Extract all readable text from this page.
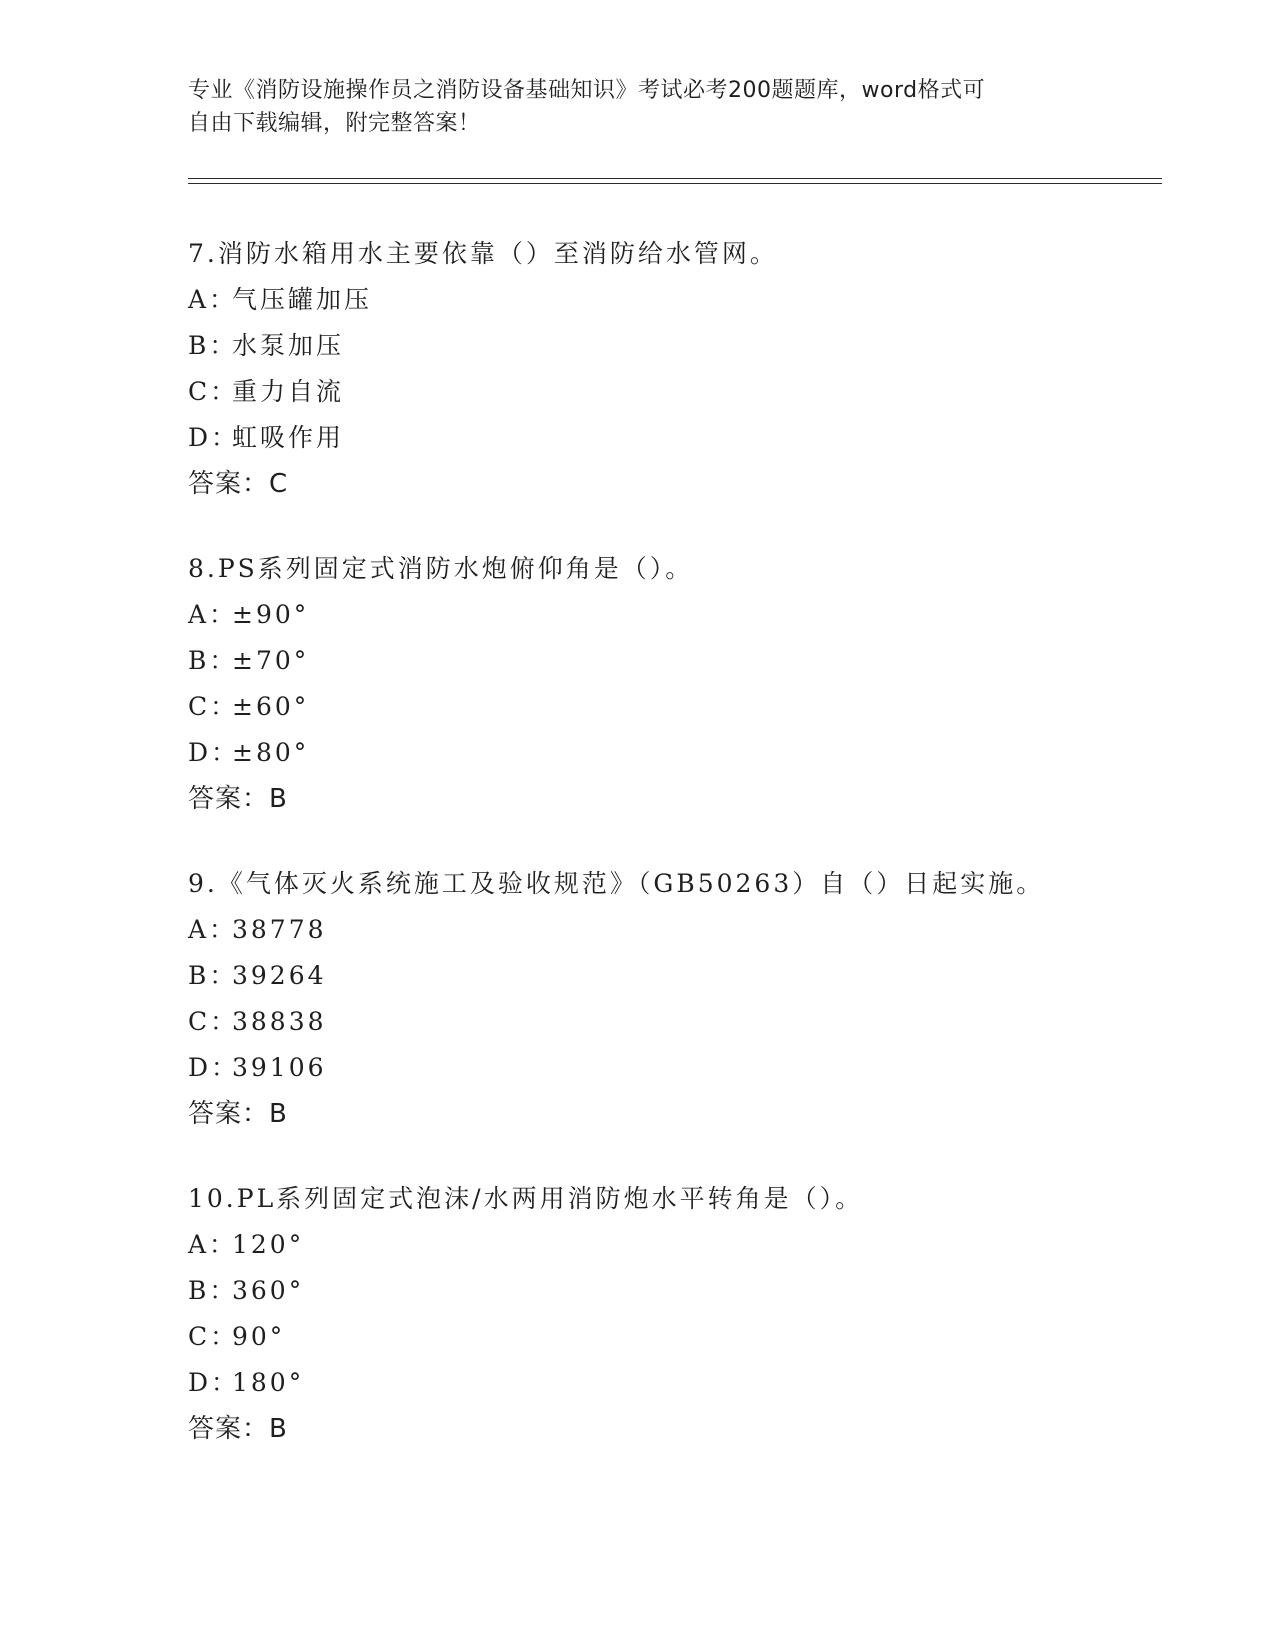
专业《消防设施操作员之消防设备基础知识》考试必考200题题库，word格式可
自由下载编辑，附完整答案！
7.消防水箱用水主要依靠（）至消防给水管网。
A：气压罐加压
B：水泵加压
C：重力自流
D：虹吸作用
答案：C
8.PS系列固定式消防水炮俯仰角是（）。
A：±90°
B：±70°
C：±60°
D：±80°
答案：B
9.《气体灭火系统施工及验收规范》（GB50263）自（）日起实施。
A：38778
B：39264
C：38838
D：39106
答案：B
10.PL系列固定式泡沫/水两用消防炮水平转角是（）。
A：120°
B：360°
C：90°
D：180°
答案：B
